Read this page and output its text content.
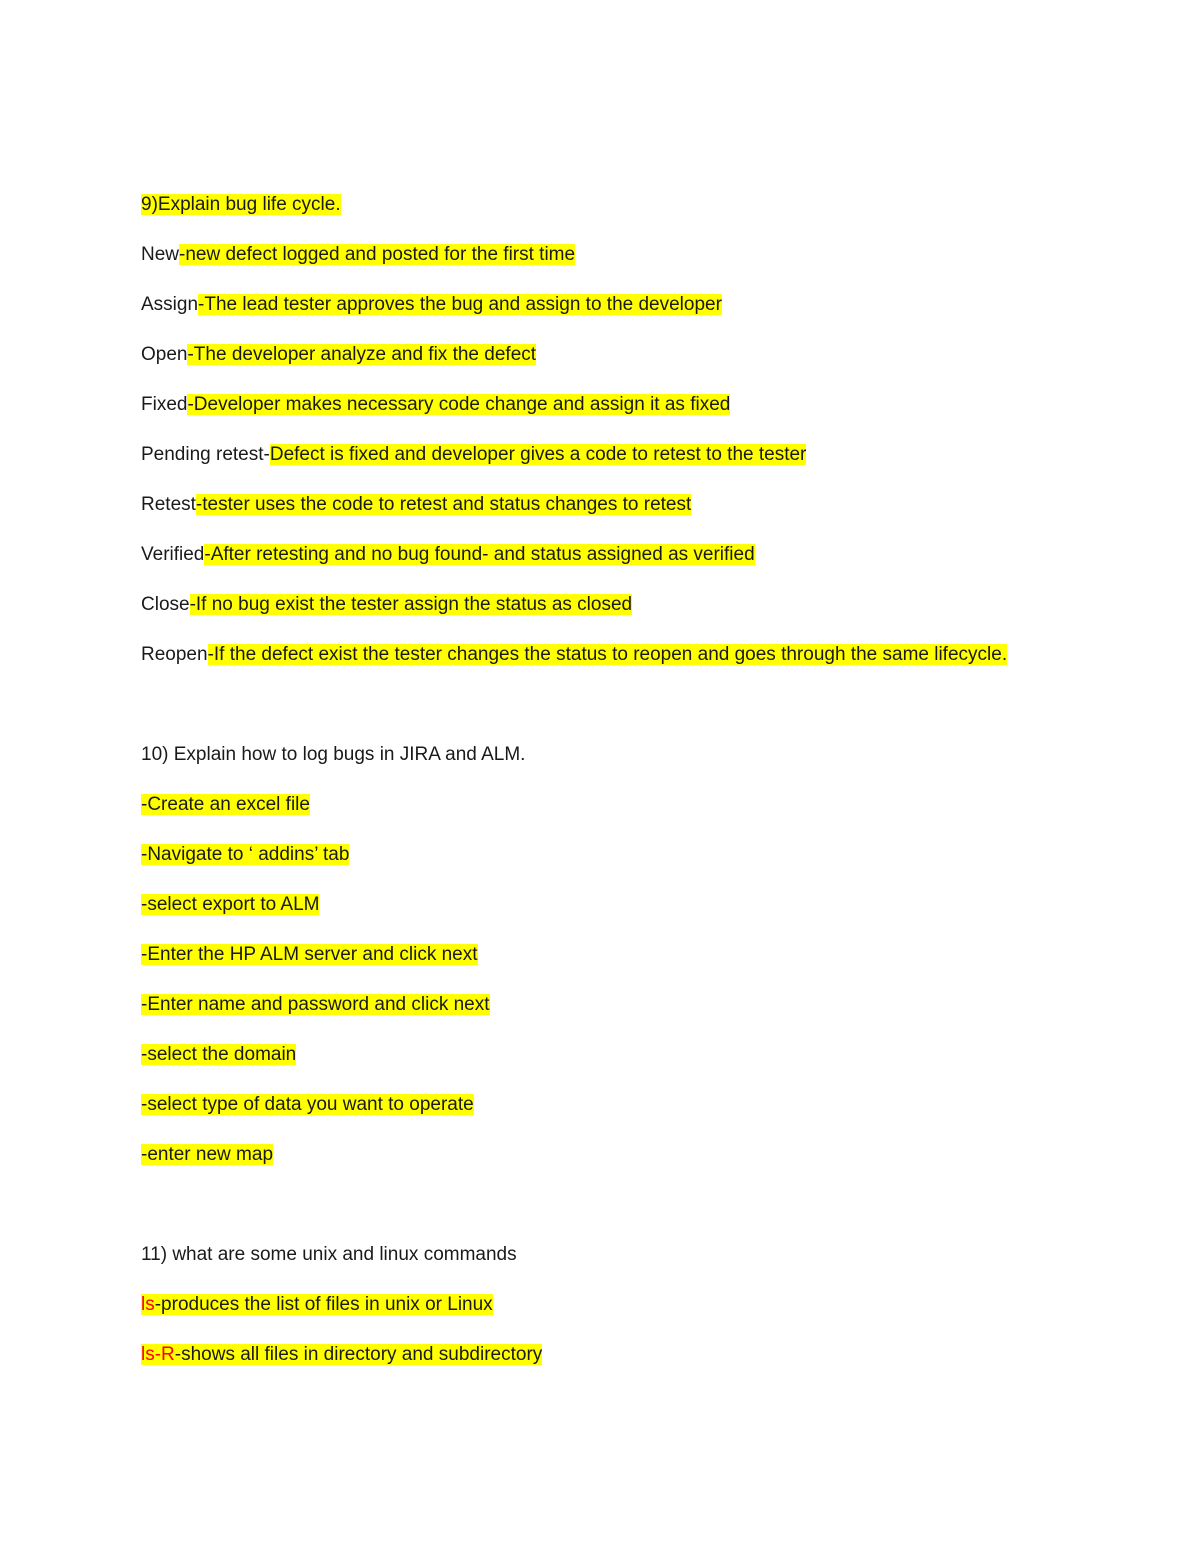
9)Explain bug life cycle.
New-new defect logged and posted for the first time
Assign-The lead tester approves the bug and assign to the developer
Open-The developer analyze and fix the defect
Fixed-Developer makes necessary code change and assign it as fixed
Pending retest-Defect is fixed and developer gives a code to retest to the tester
Retest-tester uses the code to retest and status changes to retest
Verified-After retesting and no bug found- and status assigned as verified
Close-If no bug exist the tester assign the status as closed
Reopen-If the defect exist the tester changes the status to reopen and goes through the same lifecycle.
10) Explain how to log bugs in JIRA and ALM.
-Create an excel file
-Navigate to ‘ addins’ tab
-select export to ALM
-Enter the HP ALM server and click next
-Enter name and password and click next
-select the domain
-select type of data you want to operate
-enter new map
11) what are some unix and linux commands
ls-produces the list of files in unix or Linux
ls-R-shows all files in directory and subdirectory
